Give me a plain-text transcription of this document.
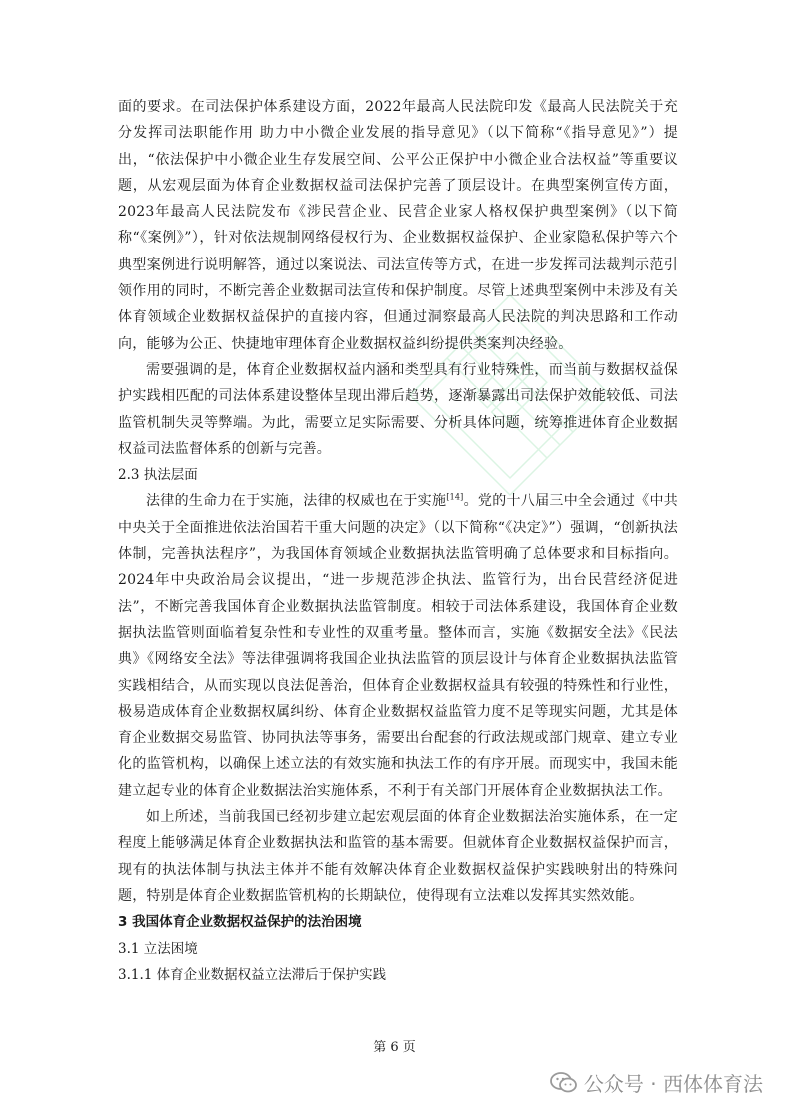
面的要求。在司法保护体系建设方面，2022年最高人民法院印发《最高人民法院关于充分发挥司法职能作用 助力中小微企业发展的指导意见》（以下简称“《指导意见》”）提出，“依法保护中小微企业生存发展空间、公平公正保护中小微企业合法权益”等重要议题，从宏观层面为体育企业数据权益司法保护完善了顶层设计。在典型案例宣传方面，2023年最高人民法院发布《涉民营企业、民营企业家人格权保护典型案例》（以下简称“《案例》”），针对依法规制网络侵权行为、企业数据权益保护、企业家隐私保护等六个典型案例进行说明解答，通过以案说法、司法宣传等方式，在进一步发挥司法裁判示范引领作用的同时，不断完善企业数据司法宣传和保护制度。尽管上述典型案例中未涉及有关体育领域企业数据权益保护的直接内容，但通过洞察最高人民法院的判决思路和工作动向，能够为公正、快捷地审理体育企业数据权益纠纷提供类案判决经验。

需要强调的是，体育企业数据权益内涵和类型具有行业特殊性，而当前与数据权益保护实践相匹配的司法体系建设整体呈现出滞后趋势，逐渐暴露出司法保护效能较低、司法监管机制失灵等弊端。为此，需要立足实际需要、分析具体问题，统筹推进体育企业数据权益司法监督体系的创新与完善。

2.3 执法层面

法律的生命力在于实施，法律的权威也在于实施[14]。党的十八届三中全会通过《中共中央关于全面推进依法治国若干重大问题的决定》（以下简称“《决定》”）强调，“创新执法体制，完善执法程序”，为我国体育领域企业数据执法监管明确了总体要求和目标指向。2024年中央政治局会议提出，“进一步规范涉企执法、监管行为，出台民营经济促进法”，不断完善我国体育企业数据执法监管制度。相较于司法体系建设，我国体育企业数据执法监管则面临着复杂性和专业性的双重考量。整体而言，实施《数据安全法》《民法典》《网络安全法》等法律强调将我国企业执法监管的顶层设计与体育企业数据执法监管实践相结合，从而实现以良法促善治，但体育企业数据权益具有较强的特殊性和行业性，极易造成体育企业数据权属纠纷、体育企业数据权益监管力度不足等现实问题，尤其是体育企业数据交易监管、协同执法等事务，需要出台配套的行政法规或部门规章、建立专业化的监管机构，以确保上述立法的有效实施和执法工作的有序开展。而现实中，我国未能建立起专业的体育企业数据法治实施体系，不利于有关部门开展体育企业数据执法工作。

如上所述，当前我国已经初步建立起宏观层面的体育企业数据法治实施体系，在一定程度上能够满足体育企业数据执法和监管的基本需要。但就体育企业数据权益保护而言，现有的执法体制与执法主体并不能有效解决体育企业数据权益保护实践映射出的特殊问题，特别是体育企业数据监管机构的长期缺位，使得现有立法难以发挥其实然效能。

3 我国体育企业数据权益保护的法治困境

3.1 立法困境

3.1.1 体育企业数据权益立法滞后于保护实践

第 6 页
公众号 · 西体体育法
